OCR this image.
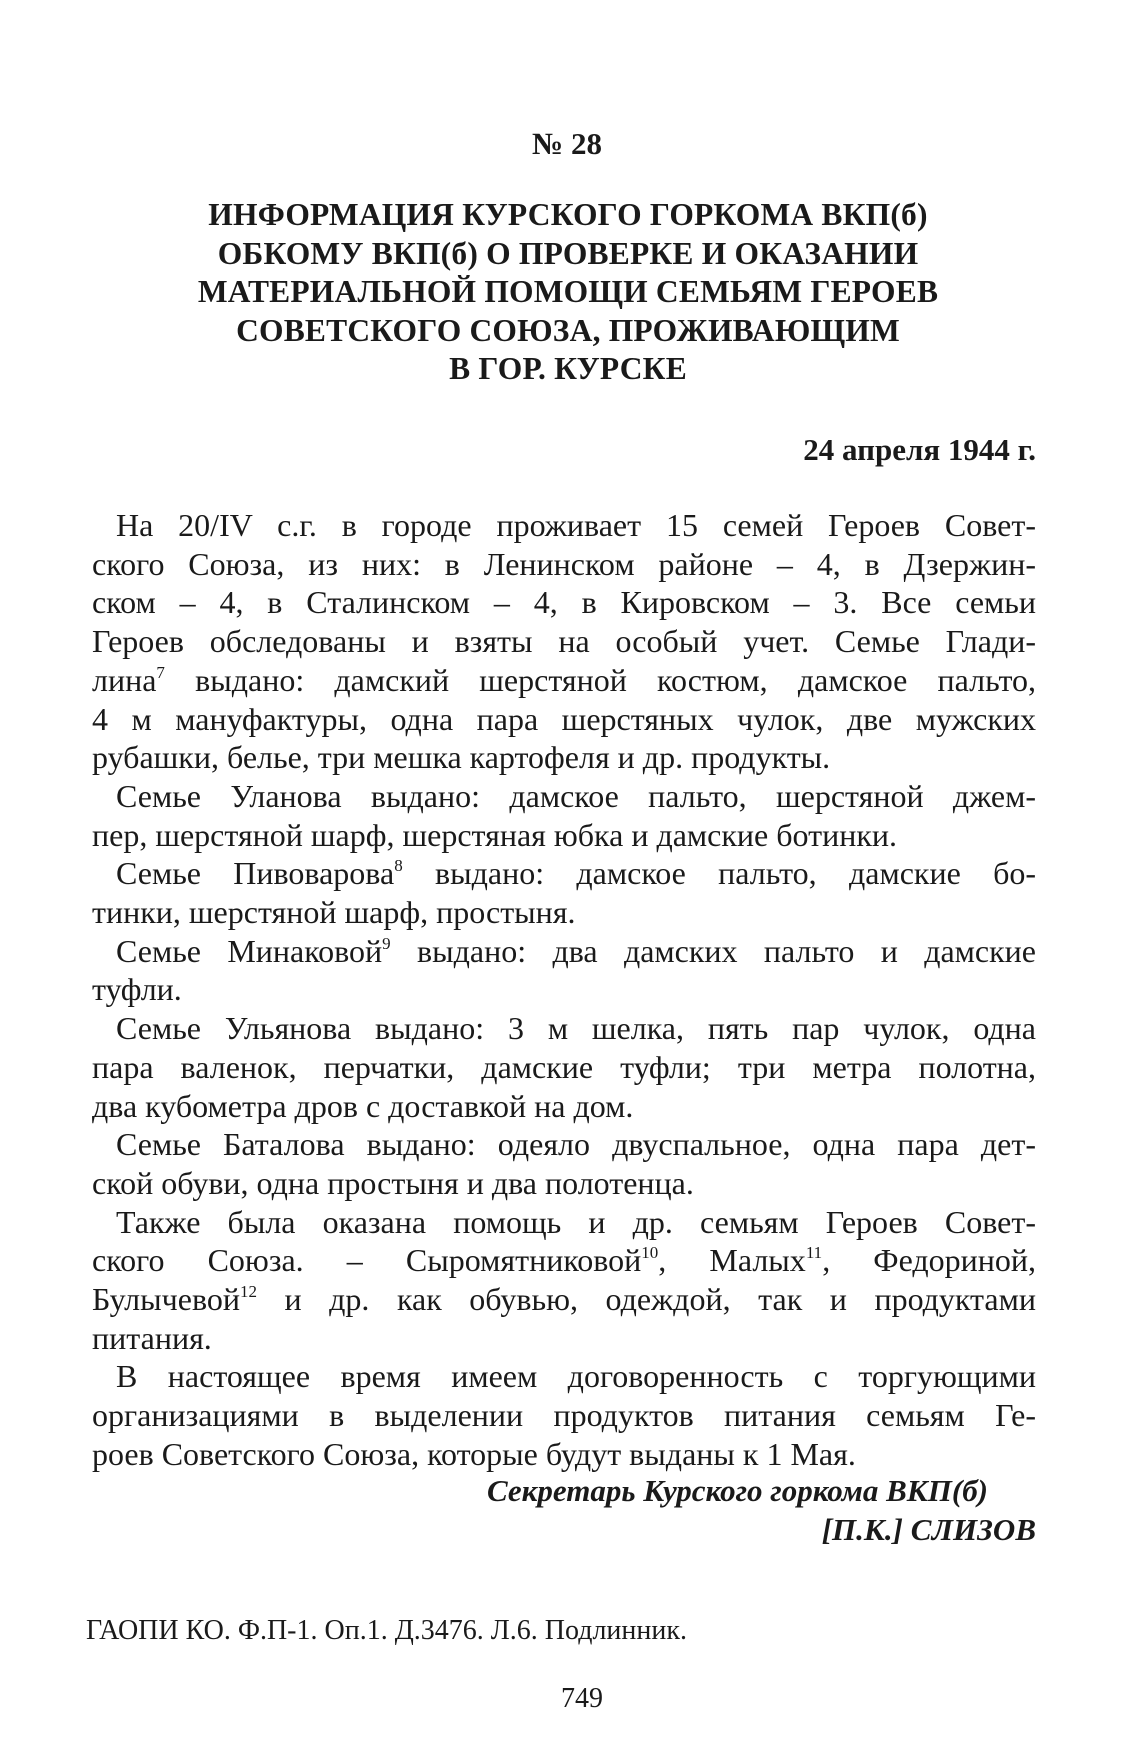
№ 28
ИНФОРМАЦИЯ КУРСКОГО ГОРКОМА ВКП(б)
ОБКОМУ ВКП(б) О ПРОВЕРКЕ И ОКАЗАНИИ
МАТЕРИАЛЬНОЙ ПОМОЩИ СЕМЬЯМ ГЕРОЕВ
СОВЕТСКОГО СОЮЗА, ПРОЖИВАЮЩИМ
В ГОР. КУРСКЕ
24 апреля 1944 г.
На 20/IV с.г. в городе проживает 15 семей Героев Совет-
ского Союза, из них: в Ленинском районе – 4, в Дзержин-
ском – 4, в Сталинском – 4, в Кировском – 3. Все семьи
Героев обследованы и взяты на особый учет. Семье Глади-
лина$^7$ выдано: дамский шерстяной костюм, дамское пальто,
4 м мануфактуры, одна пара шерстяных чулок, две мужских
рубашки, белье, три мешка картофеля и др. продукты.
Семье Уланова выдано: дамское пальто, шерстяной джем-
пер, шерстяной шарф, шерстяная юбка и дамские ботинки.
Семье Пивоварова$^8$ выдано: дамское пальто, дамские бо-
тинки, шерстяной шарф, простыня.
Семье Минаковой$^9$ выдано: два дамских пальто и дамские
туфли.
Семье Ульянова выдано: 3 м шелка, пять пар чулок, одна
пара валенок, перчатки, дамские туфли; три метра полотна,
два кубометра дров с доставкой на дом.
Семье Баталова выдано: одеяло двуспальное, одна пара дет-
ской обуви, одна простыня и два полотенца.
Также была оказана помощь и др. семьям Героев Совет-
ского Союза. – Сыромятниковой$^{10}$, Малых$^{11}$, Федориной,
Булычевой$^{12}$ и др. как обувью, одеждой, так и продуктами
питания.
В настоящее время имеем договоренность с торгующими
организациями в выделении продуктов питания семьям Ге-
роев Советского Союза, которые будут выданы к 1 Мая.
Секретарь Курского горкома ВКП(б)
[П.К.] СЛИЗОВ
ГАОПИ КО. Ф.П-1. Оп.1. Д.3476. Л.6. Подлинник.
749
